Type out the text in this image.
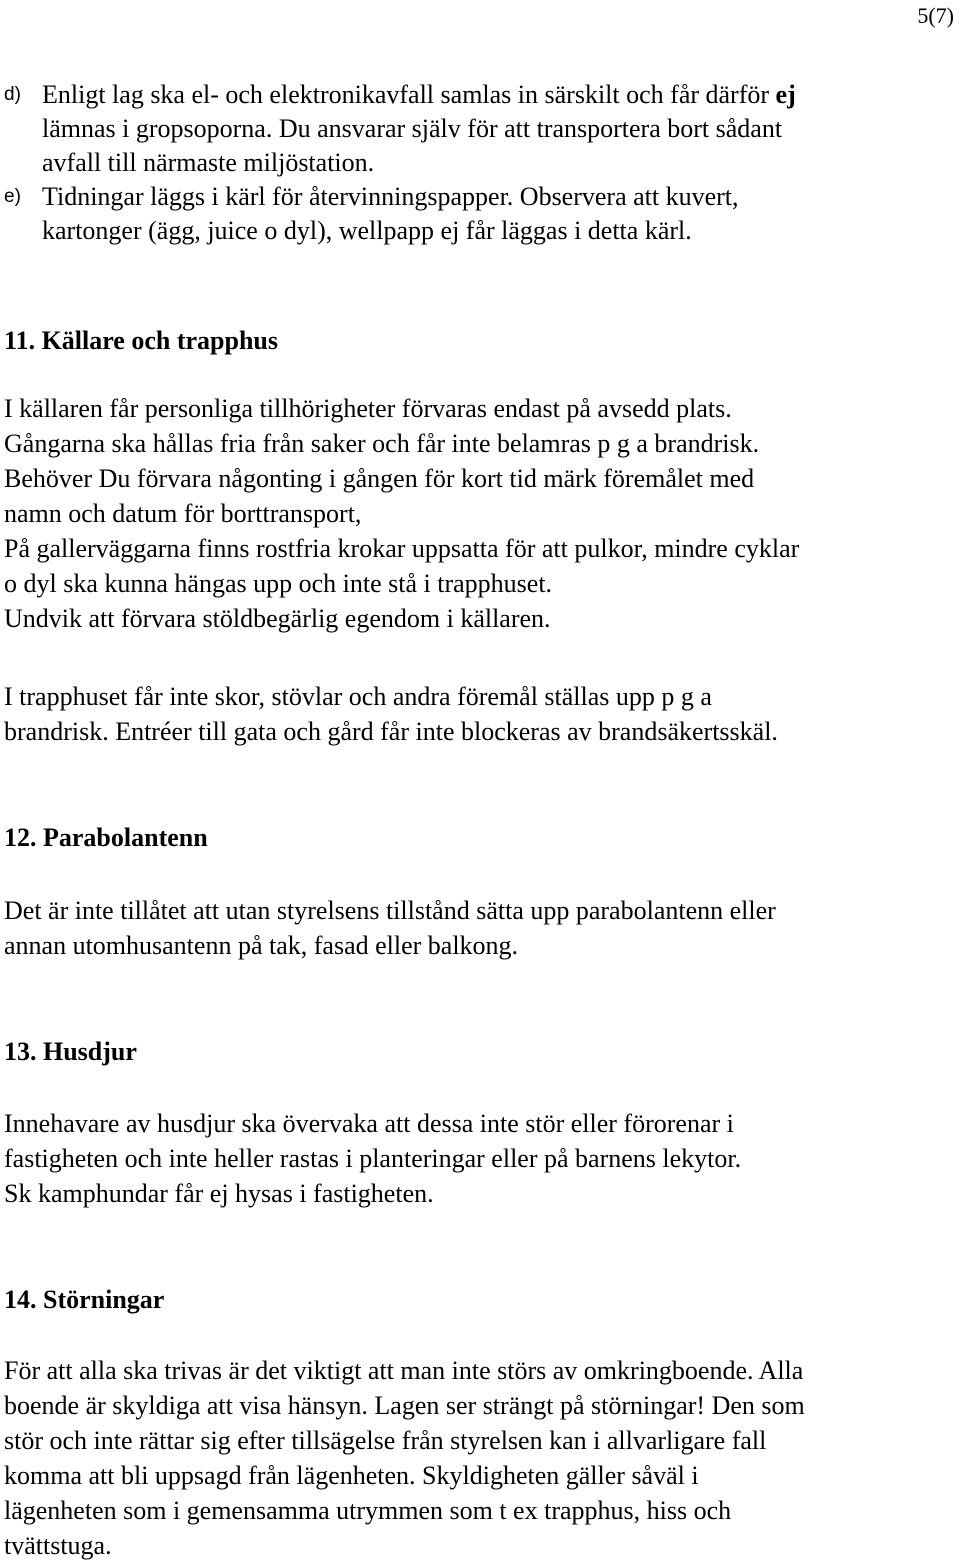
5(7)
d) Enligt lag ska el- och elektronikavfall samlas in särskilt och får därför ej
lämnas i gropsoporna. Du ansvarar själv för att transportera bort sådant
avfall till närmaste miljöstation.
e) Tidningar läggs i kärl för återvinningspapper. Observera att kuvert,
kartonger (ägg, juice o dyl), wellpapp ej får läggas i detta kärl.
11. Källare och trapphus
I källaren får personliga tillhörigheter förvaras endast på avsedd plats.
Gångarna ska hållas fria från saker och får inte belamras p g a brandrisk.
Behöver Du förvara någonting i gången för kort tid märk föremålet med
namn och datum för borttransport,
På gallerväggarna finns rostfria krokar uppsatta för att pulkor, mindre cyklar
o dyl ska kunna hängas upp och inte stå i trapphuset.
Undvik att förvara stöldbegärlig egendom i källaren.
I trapphuset får inte skor, stövlar och andra föremål ställas upp p g a
brandrisk. Entréer till gata och gård får inte blockeras av brandsäkertsskäl.
12. Parabolantenn
Det är inte tillåtet att utan styrelsens tillstånd sätta upp parabolantenn eller
annan utomhusantenn på tak, fasad eller balkong.
13. Husdjur
Innehavare av husdjur ska övervaka att dessa inte stör eller förorenar i
fastigheten och inte heller rastas i planteringar eller på barnens lekytor.
Sk kamphundar får ej hysas i fastigheten.
14. Störningar
För att alla ska trivas är det viktigt att man inte störs av omkringboende. Alla
boende är skyldiga att visa hänsyn. Lagen ser strängt på störningar! Den som
stör och inte rättar sig efter tillsägelse från styrelsen kan i allvarligare fall
komma att bli uppsagd från lägenheten. Skyldigheten gäller såväl i
lägenheten som i gemensamma utrymmen som t ex trapphus, hiss och
tvättstuga.
